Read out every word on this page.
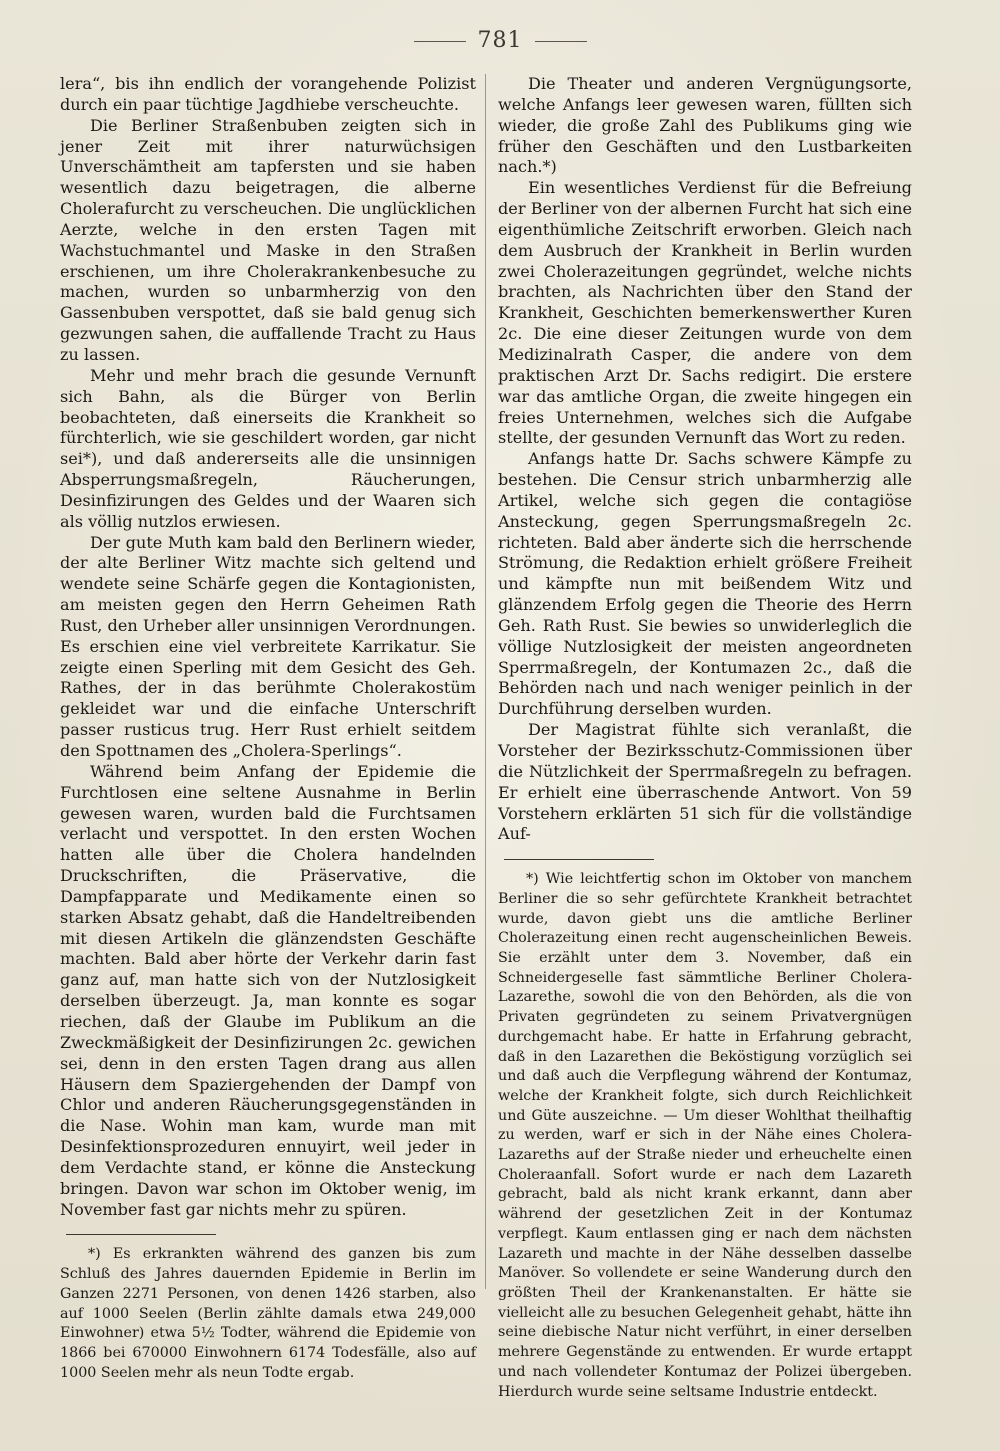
781

lera“, bis ihn endlich der vorangehende Polizist durch ein paar tüchtige Jagdhiebe verscheuchte.

Die Berliner Straßenbuben zeigten sich in jener Zeit mit ihrer naturwüchsigen Unverschämtheit am tapfersten und sie haben wesentlich dazu beigetragen, die alberne Cholerafurcht zu verscheuchen. Die unglücklichen Aerzte, welche in den ersten Tagen mit Wachstuchmantel und Maske in den Straßen erschienen, um ihre Cholerakrankenbesuche zu machen, wurden so unbarmherzig von den Gassenbuben verspottet, daß sie bald genug sich gezwungen sahen, die auffallende Tracht zu Haus zu lassen.

Mehr und mehr brach die gesunde Vernunft sich Bahn, als die Bürger von Berlin beobachteten, daß einerseits die Krankheit so fürchterlich, wie sie geschildert worden, gar nicht sei*), und daß andererseits alle die unsinnigen Absperrungsmaßregeln, Räucherungen, Desinfizirungen des Geldes und der Waaren sich als völlig nutzlos erwiesen.

Der gute Muth kam bald den Berlinern wieder, der alte Berliner Witz machte sich geltend und wendete seine Schärfe gegen die Kontagionisten, am meisten gegen den Herrn Geheimen Rath Rust, den Urheber aller unsinnigen Verordnungen. Es erschien eine viel verbreitete Karrikatur. Sie zeigte einen Sperling mit dem Gesicht des Geh. Rathes, der in das berühmte Cholerakostüm gekleidet war und die einfache Unterschrift passer rusticus trug. Herr Rust erhielt seitdem den Spottnamen des „Cholera-Sperlings“.

Während beim Anfang der Epidemie die Furchtlosen eine seltene Ausnahme in Berlin gewesen waren, wurden bald die Furchtsamen verlacht und verspottet. In den ersten Wochen hatten alle über die Cholera handelnden Druckschriften, die Präservative, die Dampfapparate und Medikamente einen so starken Absatz gehabt, daß die Handeltreibenden mit diesen Artikeln die glänzendsten Geschäfte machten. Bald aber hörte der Verkehr darin fast ganz auf, man hatte sich von der Nutzlosigkeit derselben überzeugt. Ja, man konnte es sogar riechen, daß der Glaube im Publikum an die Zweckmäßigkeit der Desinfizirungen 2c. gewichen sei, denn in den ersten Tagen drang aus allen Häusern dem Spaziergehenden der Dampf von Chlor und anderen Räucherungsgegenständen in die Nase. Wohin man kam, wurde man mit Desinfektionsprozeduren ennuyirt, weil jeder in dem Verdachte stand, er könne die Ansteckung bringen. Davon war schon im Oktober wenig, im November fast gar nichts mehr zu spüren.

*) Es erkrankten während des ganzen bis zum Schluß des Jahres dauernden Epidemie in Berlin im Ganzen 2271 Personen, von denen 1426 starben, also auf 1000 Seelen (Berlin zählte damals etwa 249,000 Einwohner) etwa 5½ Todter, während die Epidemie von 1866 bei 670000 Einwohnern 6174 Todesfälle, also auf 1000 Seelen mehr als neun Todte ergab.

Die Theater und anderen Vergnügungsorte, welche Anfangs leer gewesen waren, füllten sich wieder, die große Zahl des Publikums ging wie früher den Geschäften und den Lustbarkeiten nach.*)

Ein wesentliches Verdienst für die Befreiung der Berliner von der albernen Furcht hat sich eine eigenthümliche Zeitschrift erworben. Gleich nach dem Ausbruch der Krankheit in Berlin wurden zwei Cholerazeitungen gegründet, welche nichts brachten, als Nachrichten über den Stand der Krankheit, Geschichten bemerkenswerther Kuren 2c. Die eine dieser Zeitungen wurde von dem Medizinalrath Casper, die andere von dem praktischen Arzt Dr. Sachs redigirt. Die erstere war das amtliche Organ, die zweite hingegen ein freies Unternehmen, welches sich die Aufgabe stellte, der gesunden Vernunft das Wort zu reden.

Anfangs hatte Dr. Sachs schwere Kämpfe zu bestehen. Die Censur strich unbarmherzig alle Artikel, welche sich gegen die contagiöse Ansteckung, gegen Sperrungsmaßregeln 2c. richteten. Bald aber änderte sich die herrschende Strömung, die Redaktion erhielt größere Freiheit und kämpfte nun mit beißendem Witz und glänzendem Erfolg gegen die Theorie des Herrn Geh. Rath Rust. Sie bewies so unwiderleglich die völlige Nutzlosigkeit der meisten angeordneten Sperrmaßregeln, der Kontumazen 2c., daß die Behörden nach und nach weniger peinlich in der Durchführung derselben wurden.

Der Magistrat fühlte sich veranlaßt, die Vorsteher der Bezirksschutz-Commissionen über die Nützlichkeit der Sperrmaßregeln zu befragen. Er erhielt eine überraschende Antwort. Von 59 Vorstehern erklärten 51 sich für die vollständige Auf-

*) Wie leichtfertig schon im Oktober von manchem Berliner die so sehr gefürchtete Krankheit betrachtet wurde, davon giebt uns die amtliche Berliner Cholerazeitung einen recht augenscheinlichen Beweis. Sie erzählt unter dem 3. November, daß ein Schneidergeselle fast sämmtliche Berliner Cholera-Lazarethe, sowohl die von den Behörden, als die von Privaten gegründeten zu seinem Privatvergnügen durchgemacht habe. Er hatte in Erfahrung gebracht, daß in den Lazarethen die Beköstigung vorzüglich sei und daß auch die Verpflegung während der Kontumaz, welche der Krankheit folgte, sich durch Reichlichkeit und Güte auszeichne. — Um dieser Wohlthat theilhaftig zu werden, warf er sich in der Nähe eines Cholera-Lazareths auf der Straße nieder und erheuchelte einen Choleraanfall. Sofort wurde er nach dem Lazareth gebracht, bald als nicht krank erkannt, dann aber während der gesetzlichen Zeit in der Kontumaz verpflegt. Kaum entlassen ging er nach dem nächsten Lazareth und machte in der Nähe desselben dasselbe Manöver. So vollendete er seine Wanderung durch den größten Theil der Krankenanstalten. Er hätte sie vielleicht alle zu besuchen Gelegenheit gehabt, hätte ihn seine diebische Natur nicht verführt, in einer derselben mehrere Gegenstände zu entwenden. Er wurde ertappt und nach vollendeter Kontumaz der Polizei übergeben. Hierdurch wurde seine seltsame Industrie entdeckt.
